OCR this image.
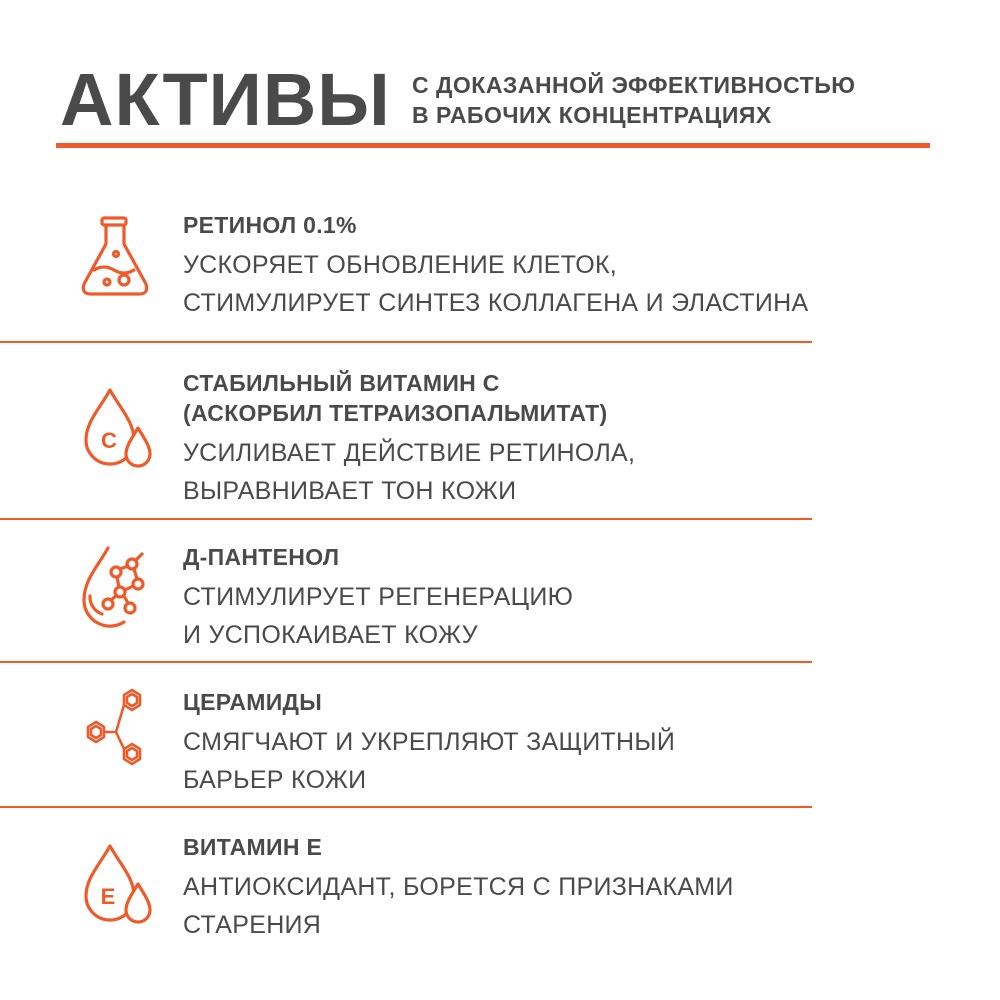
АКТИВЫ С ДОКАЗАННОЙ ЭФФЕКТИВНОСТЬЮ
В РАБОЧИХ КОНЦЕНТРАЦИЯХ
РЕТИНОЛ 0.1%
УСКОРЯЕТ ОБНОВЛЕНИЕ КЛЕТОК,
СТИМУЛИРУЕТ СИНТЕЗ КОЛЛАГЕНА И ЭЛАСТИНА
C
СТАБИЛЬНЫЙ ВИТАМИН С
(АСКОРБИЛ ТЕТРАИЗОПАЛЬМИТАТ)
УСИЛИВАЕТ ДЕЙСТВИЕ РЕТИНОЛА,
ВЫРАВНИВАЕТ ТОН КОЖИ
Д-ПАНТЕНОЛ
СТИМУЛИРУЕТ РЕГЕНЕРАЦИЮ
И УСПОКАИВАЕТ КОЖУ
ЦЕРАМИДЫ
СМЯГЧАЮТ И УКРЕПЛЯЮТ ЗАЩИТНЫЙ
БАРЬЕР КОЖИ
E
ВИТАМИН Е
АНТИОКСИДАНТ, БОРЕТСЯ С ПРИЗНАКАМИ
СТАРЕНИЯ
